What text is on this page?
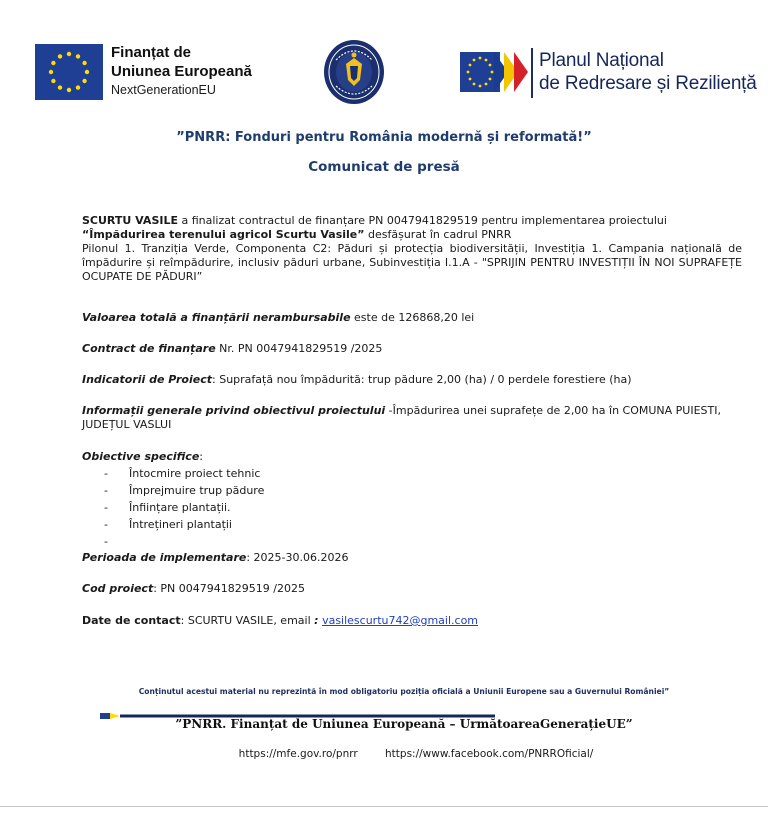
Finanțat de
Uniunea Europeană
NextGenerationEU
Planul Național
de Redresare și Reziliență
”PNRR: Fonduri pentru România modernă și reformată!”
Comunicat de presă

SCURTU VASILE a finalizat contractul de finanțare PN 0047941829519 pentru implementarea proiectului
“Împădurirea terenului agricol Scurtu Vasile” desfășurat în cadrul PNRR
Pilonul 1. Tranziția Verde, Componenta C2: Păduri și protecția biodiversității, Investiția 1. Campania națională de împădurire și reîmpădurire, inclusiv păduri urbane, Subinvestiția I.1.A - "SPRIJIN PENTRU INVESTIȚII ÎN NOI SUPRAFEȚE OCUPATE DE PĂDURI”

Valoarea totală a finanțării nerambursabile este de 126868,20 lei

Contract de finanțare Nr. PN 0047941829519 /2025

Indicatorii de Proiect: Suprafață nou împădurită: trup pădure 2,00 (ha) / 0 perdele forestiere (ha)

Informații generale privind obiectivul proiectului -Împădurirea unei suprafețe de 2,00 ha în COMUNA PUIESTI, JUDEȚUL VASLUI

Obiective specifice:

- Întocmire proiect tehnic
- Împrejmuire trup pădure
- Înființare plantații.
- Întrețineri plantații
-

Perioada de implementare: 2025-30.06.2026

Cod proiect: PN 0047941829519 /2025

Date de contact: SCURTU VASILE, email : vasilescurtu742@gmail.com

Conținutul acestui material nu reprezintă în mod obligatoriu poziția oficială a Uniunii Europene sau a Guvernului României”
”PNRR. Finanțat de Uniunea Europeană – UrmătoareaGenerațieUE”
https://mfe.gov.ro/pnrr	https://www.facebook.com/PNRROficial/
